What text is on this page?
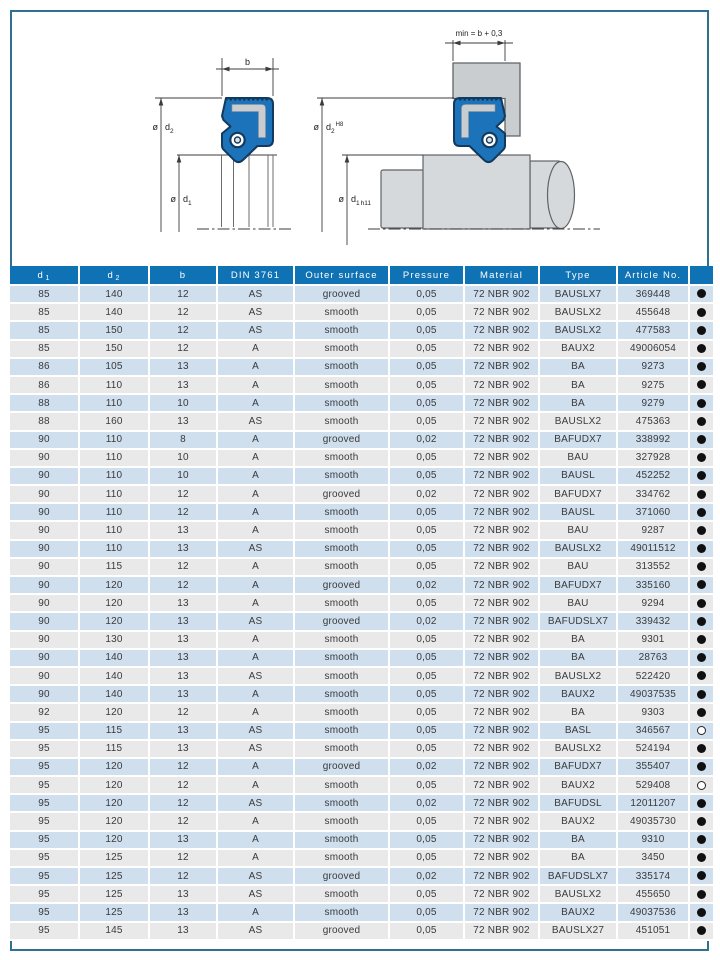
b
ø $d_2$
ø $d_1$
min = b + 0,3
ø $d_2^{H8}$
ø $d_1h11$
d $_1$	d $_2$	b	DIN 3761	Outer surface	Pressure	Material	Type	Article No.	
85	140	12	AS	grooved	0,05	72 NBR 902	BAUSLX7	369448	
85	140	12	AS	smooth	0,05	72 NBR 902	BAUSLX2	455648	
85	150	12	AS	smooth	0,05	72 NBR 902	BAUSLX2	477583	
85	150	12	A	smooth	0,05	72 NBR 902	BAUX2	49006054	
86	105	13	A	smooth	0,05	72 NBR 902	BA	9273	
86	110	13	A	smooth	0,05	72 NBR 902	BA	9275	
88	110	10	A	smooth	0,05	72 NBR 902	BA	9279	
88	160	13	AS	smooth	0,05	72 NBR 902	BAUSLX2	475363	
90	110	8	A	grooved	0,02	72 NBR 902	BAFUDX7	338992	
90	110	10	A	smooth	0,05	72 NBR 902	BAU	327928	
90	110	10	A	smooth	0,05	72 NBR 902	BAUSL	452252	
90	110	12	A	grooved	0,02	72 NBR 902	BAFUDX7	334762	
90	110	12	A	smooth	0,05	72 NBR 902	BAUSL	371060	
90	110	13	A	smooth	0,05	72 NBR 902	BAU	9287	
90	110	13	AS	smooth	0,05	72 NBR 902	BAUSLX2	49011512	
90	115	12	A	smooth	0,05	72 NBR 902	BAU	313552	
90	120	12	A	grooved	0,02	72 NBR 902	BAFUDX7	335160	
90	120	13	A	smooth	0,05	72 NBR 902	BAU	9294	
90	120	13	AS	grooved	0,02	72 NBR 902	BAFUDSLX7	339432	
90	130	13	A	smooth	0,05	72 NBR 902	BA	9301	
90	140	13	A	smooth	0,05	72 NBR 902	BA	28763	
90	140	13	AS	smooth	0,05	72 NBR 902	BAUSLX2	522420	
90	140	13	A	smooth	0,05	72 NBR 902	BAUX2	49037535	
92	120	12	A	smooth	0,05	72 NBR 902	BA	9303	
95	115	13	AS	smooth	0,05	72 NBR 902	BASL	346567	
95	115	13	AS	smooth	0,05	72 NBR 902	BAUSLX2	524194	
95	120	12	A	grooved	0,02	72 NBR 902	BAFUDX7	355407	
95	120	12	A	smooth	0,05	72 NBR 902	BAUX2	529408	
95	120	12	AS	smooth	0,02	72 NBR 902	BAFUDSL	12011207	
95	120	12	A	smooth	0,05	72 NBR 902	BAUX2	49035730	
95	120	13	A	smooth	0,05	72 NBR 902	BA	9310	
95	125	12	A	smooth	0,05	72 NBR 902	BA	3450	
95	125	12	AS	grooved	0,02	72 NBR 902	BAFUDSLX7	335174	
95	125	13	AS	smooth	0,05	72 NBR 902	BAUSLX2	455650	
95	125	13	A	smooth	0,05	72 NBR 902	BAUX2	49037536	
95	145	13	AS	grooved	0,05	72 NBR 902	BAUSLX27	451051	
